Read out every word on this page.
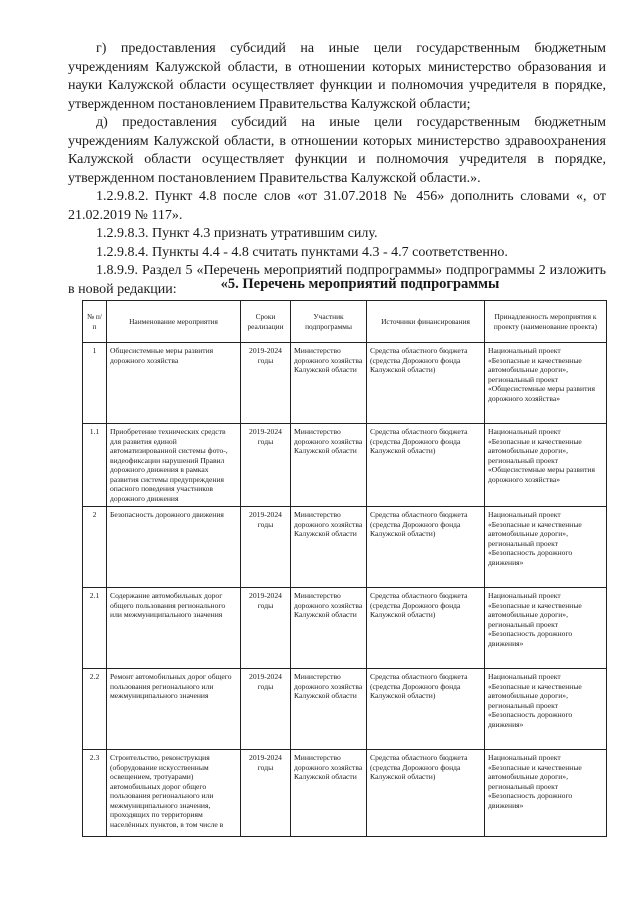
г) предоставления субсидий на иные цели государственным бюджетным учреждениям Калужской области, в отношении которых министерство образования и науки Калужской области осуществляет функции и полномочия учредителя в порядке, утвержденном постановлением Правительства Калужской области;

д) предоставления субсидий на иные цели государственным бюджетным учреждениям Калужской области, в отношении которых министерство здравоохранения Калужской области осуществляет функции и полномочия учредителя в порядке, утвержденном постановлением Правительства Калужской области.».

1.2.9.8.2. Пункт 4.8 после слов «от 31.07.2018 № 456» дополнить словами «, от 21.02.2019 № 117».

1.2.9.8.3. Пункт 4.3 признать утратившим силу.

1.2.9.8.4. Пункты 4.4 - 4.8 считать пунктами 4.3 - 4.7 соответственно.

1.8.9.9. Раздел 5 «Перечень мероприятий подпрограммы» подпрограммы 2 изложить в новой редакции:	«5. Перечень мероприятий подпрограммы
№ п/п	Наименование мероприятия	Сроки реализации	Участник подпрограммы	Источники финансирования	Принадлежность мероприятия к проекту (наименование проекта)
1	Общесистемные меры развития дорожного хозяйства	2019-2024 годы	Министерство дорожного хозяйства Калужской области	Средства областного бюджета (средства Дорожного фонда Калужской области)	Национальный проект «Безопасные и качественные автомобильные дороги», региональный проект «Общесистемные меры развития дорожного хозяйства»
1.1	Приобретение технических средств для развития единой автоматизированной системы фото-, видеофиксации нарушений Правил дорожного движения в рамках развития системы предупреждения опасного поведения участников дорожного движения	2019-2024 годы	Министерство дорожного хозяйства Калужской области	Средства областного бюджета (средства Дорожного фонда Калужской области)	Национальный проект «Безопасные и качественные автомобильные дороги», региональный проект «Общесистемные меры развития дорожного хозяйства»
2	Безопасность дорожного движения	2019-2024 годы	Министерство дорожного хозяйства Калужской области	Средства областного бюджета (средства Дорожного фонда Калужской области)	Национальный проект «Безопасные и качественные автомобильные дороги», региональный проект «Безопасность дорожного движения»
2.1	Содержание автомобильных дорог общего пользования регионального или межмуниципального значения	2019-2024 годы	Министерство дорожного хозяйства Калужской области	Средства областного бюджета (средства Дорожного фонда Калужской области)	Национальный проект «Безопасные и качественные автомобильные дороги», региональный проект «Безопасность дорожного движения»
2.2	Ремонт автомобильных дорог общего пользования регионального или межмуниципального значения	2019-2024 годы	Министерство дорожного хозяйства Калужской области	Средства областного бюджета (средства Дорожного фонда Калужской области)	Национальный проект «Безопасные и качественные автомобильные дороги», региональный проект «Безопасность дорожного движения»
2.3	Строительство, реконструкция (оборудование искусственным освещением, тротуарами) автомобильных дорог общего пользования регионального или межмуниципального значения, проходящих по территориям населённых пунктов, в том числе в	2019-2024 годы	Министерство дорожного хозяйства Калужской области	Средства областного бюджета (средства Дорожного фонда Калужской области)	Национальный проект «Безопасные и качественные автомобильные дороги», региональный проект «Безопасность дорожного движения»
